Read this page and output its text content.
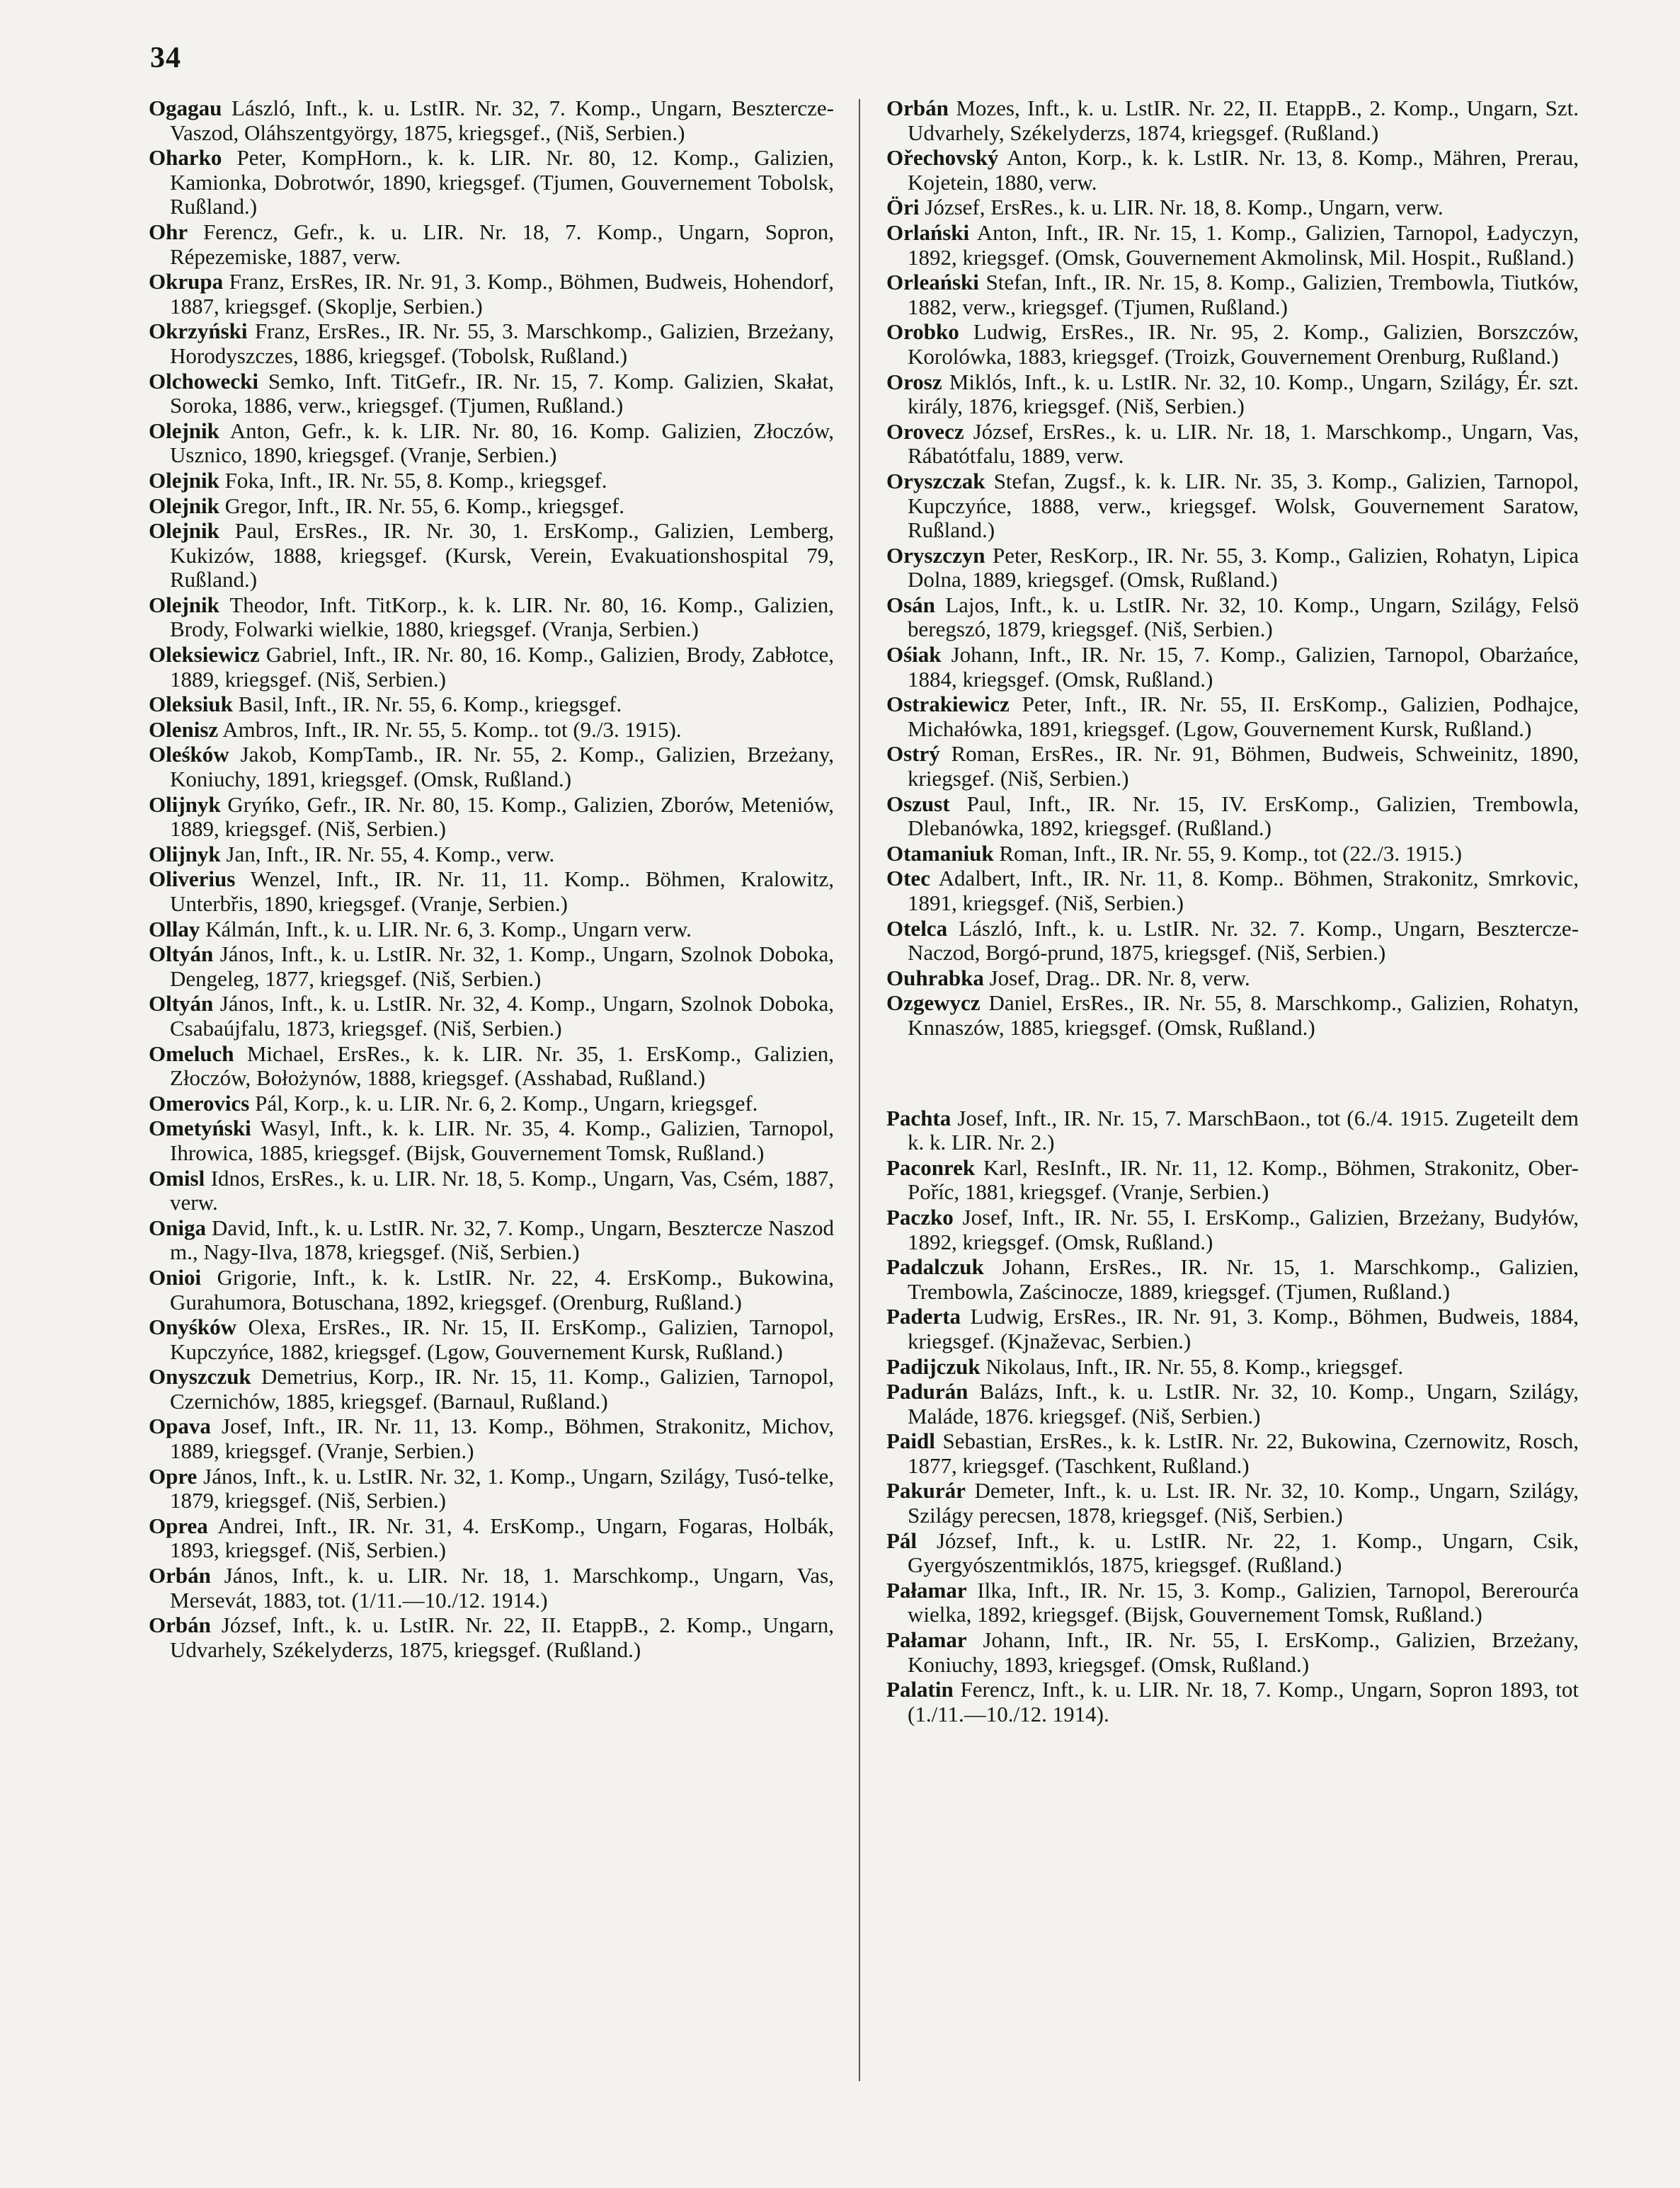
34

Ogagau László, Inft., k. u. LstIR. Nr. 32, 7. Komp., Ungarn, Besztercze-Vaszod, Oláhszentgyörgy, 1875, kriegsgef., (Niš, Serbien.)

Oharko Peter, KompHorn., k. k. LIR. Nr. 80, 12. Komp., Galizien, Kamionka, Dobrotwór, 1890, kriegsgef. (Tjumen, Gouvernement Tobolsk, Rußland.)

Ohr Ferencz, Gefr., k. u. LIR. Nr. 18, 7. Komp., Ungarn, Sopron, Répezemiske, 1887, verw.

Okrupa Franz, ErsRes, IR. Nr. 91, 3. Komp., Böhmen, Budweis, Hohendorf, 1887, kriegsgef. (Skoplje, Serbien.)

Okrzyński Franz, ErsRes., IR. Nr. 55, 3. Marschkomp., Galizien, Brzeżany, Horodyszczes, 1886, kriegsgef. (Tobolsk, Rußland.)

Olchowecki Semko, Inft. TitGefr., IR. Nr. 15, 7. Komp. Galizien, Skałat, Soroka, 1886, verw., kriegsgef. (Tjumen, Rußland.)

Olejnik Anton, Gefr., k. k. LIR. Nr. 80, 16. Komp. Galizien, Złoczów, Usznico, 1890, kriegsgef. (Vranje, Serbien.)

Olejnik Foka, Inft., IR. Nr. 55, 8. Komp., kriegsgef.

Olejnik Gregor, Inft., IR. Nr. 55, 6. Komp., kriegsgef.

Olejnik Paul, ErsRes., IR. Nr. 30, 1. ErsKomp., Galizien, Lemberg, Kukizów, 1888, kriegsgef. (Kursk, Verein, Evakuationshospital 79, Rußland.)

Olejnik Theodor, Inft. TitKorp., k. k. LIR. Nr. 80, 16. Komp., Galizien, Brody, Folwarki wielkie, 1880, kriegsgef. (Vranja, Serbien.)

Oleksiewicz Gabriel, Inft., IR. Nr. 80, 16. Komp., Galizien, Brody, Zabłotce, 1889, kriegsgef. (Niš, Serbien.)

Oleksiuk Basil, Inft., IR. Nr. 55, 6. Komp., kriegsgef.

Olenisz Ambros, Inft., IR. Nr. 55, 5. Komp.. tot (9./3. 1915).

Oleśków Jakob, KompTamb., IR. Nr. 55, 2. Komp., Galizien, Brzeżany, Koniuchy, 1891, kriegsgef. (Omsk, Rußland.)

Olijnyk Gryńko, Gefr., IR. Nr. 80, 15. Komp., Galizien, Zborów, Meteniów, 1889, kriegsgef. (Niš, Serbien.)

Olijnyk Jan, Inft., IR. Nr. 55, 4. Komp., verw.

Oliverius Wenzel, Inft., IR. Nr. 11, 11. Komp.. Böhmen, Kralowitz, Unterbřis, 1890, kriegsgef. (Vranje, Serbien.)

Ollay Kálmán, Inft., k. u. LIR. Nr. 6, 3. Komp., Ungarn verw.

Oltyán János, Inft., k. u. LstIR. Nr. 32, 1. Komp., Ungarn, Szolnok Doboka, Dengeleg, 1877, kriegsgef. (Niš, Serbien.)

Oltyán János, Inft., k. u. LstIR. Nr. 32, 4. Komp., Ungarn, Szolnok Doboka, Csabaújfalu, 1873, kriegsgef. (Niš, Serbien.)

Omeluch Michael, ErsRes., k. k. LIR. Nr. 35, 1. ErsKomp., Galizien, Złoczów, Bołożynów, 1888, kriegsgef. (Asshabad, Rußland.)

Omerovics Pál, Korp., k. u. LIR. Nr. 6, 2. Komp., Ungarn, kriegsgef.

Ometyński Wasyl, Inft., k. k. LIR. Nr. 35, 4. Komp., Galizien, Tarnopol, Ihrowica, 1885, kriegsgef. (Bijsk, Gouvernement Tomsk, Rußland.)

Omisl Idnos, ErsRes., k. u. LIR. Nr. 18, 5. Komp., Ungarn, Vas, Csém, 1887, verw.

Oniga David, Inft., k. u. LstIR. Nr. 32, 7. Komp., Ungarn, Besztercze Naszod m., Nagy-Ilva, 1878, kriegsgef. (Niš, Serbien.)

Onioi Grigorie, Inft., k. k. LstIR. Nr. 22, 4. ErsKomp., Bukowina, Gurahumora, Botuschana, 1892, kriegsgef. (Orenburg, Rußland.)

Onyśków Olexa, ErsRes., IR. Nr. 15, II. ErsKomp., Galizien, Tarnopol, Kupczyńce, 1882, kriegsgef. (Lgow, Gouvernement Kursk, Rußland.)

Onyszczuk Demetrius, Korp., IR. Nr. 15, 11. Komp., Galizien, Tarnopol, Czernichów, 1885, kriegsgef. (Barnaul, Rußland.)

Opava Josef, Inft., IR. Nr. 11, 13. Komp., Böhmen, Strakonitz, Michov, 1889, kriegsgef. (Vranje, Serbien.)

Opre János, Inft., k. u. LstIR. Nr. 32, 1. Komp., Ungarn, Szilágy, Tusó-telke, 1879, kriegsgef. (Niš, Serbien.)

Oprea Andrei, Inft., IR. Nr. 31, 4. ErsKomp., Ungarn, Fogaras, Holbák, 1893, kriegsgef. (Niš, Serbien.)

Orbán János, Inft., k. u. LIR. Nr. 18, 1. Marschkomp., Ungarn, Vas, Mersevát, 1883, tot. (1/11.—10./12. 1914.)

Orbán József, Inft., k. u. LstIR. Nr. 22, II. EtappB., 2. Komp., Ungarn, Udvarhely, Székelyderzs, 1875, kriegsgef. (Rußland.)

Orbán Mozes, Inft., k. u. LstIR. Nr. 22, II. EtappB., 2. Komp., Ungarn, Szt. Udvarhely, Székelyderzs, 1874, kriegsgef. (Rußland.)

Ořechovský Anton, Korp., k. k. LstIR. Nr. 13, 8. Komp., Mähren, Prerau, Kojetein, 1880, verw.

Öri József, ErsRes., k. u. LIR. Nr. 18, 8. Komp., Ungarn, verw.

Orlański Anton, Inft., IR. Nr. 15, 1. Komp., Galizien, Tarnopol, Ładyczyn, 1892, kriegsgef. (Omsk, Gouvernement Akmolinsk, Mil. Hospit., Rußland.)

Orleański Stefan, Inft., IR. Nr. 15, 8. Komp., Galizien, Trembowla, Tiutków, 1882, verw., kriegsgef. (Tjumen, Rußland.)

Orobko Ludwig, ErsRes., IR. Nr. 95, 2. Komp., Galizien, Borszczów, Korolówka, 1883, kriegsgef. (Troizk, Gouvernement Orenburg, Rußland.)

Orosz Miklós, Inft., k. u. LstIR. Nr. 32, 10. Komp., Ungarn, Szilágy, Ér. szt. király, 1876, kriegsgef. (Niš, Serbien.)

Orovecz József, ErsRes., k. u. LIR. Nr. 18, 1. Marschkomp., Ungarn, Vas, Rábatótfalu, 1889, verw.

Oryszczak Stefan, Zugsf., k. k. LIR. Nr. 35, 3. Komp., Galizien, Tarnopol, Kupczyńce, 1888, verw., kriegsgef. Wolsk, Gouvernement Saratow, Rußland.)

Oryszczyn Peter, ResKorp., IR. Nr. 55, 3. Komp., Galizien, Rohatyn, Lipica Dolna, 1889, kriegsgef. (Omsk, Rußland.)

Osán Lajos, Inft., k. u. LstIR. Nr. 32, 10. Komp., Ungarn, Szilágy, Felsö beregszó, 1879, kriegsgef. (Niš, Serbien.)

Ośiak Johann, Inft., IR. Nr. 15, 7. Komp., Galizien, Tarnopol, Obarżańce, 1884, kriegsgef. (Omsk, Rußland.)

Ostrakiewicz Peter, Inft., IR. Nr. 55, II. ErsKomp., Galizien, Podhajce, Michałówka, 1891, kriegsgef. (Lgow, Gouvernement Kursk, Rußland.)

Ostrý Roman, ErsRes., IR. Nr. 91, Böhmen, Budweis, Schweinitz, 1890, kriegsgef. (Niš, Serbien.)

Oszust Paul, Inft., IR. Nr. 15, IV. ErsKomp., Galizien, Trembowla, Dlebanówka, 1892, kriegsgef. (Rußland.)

Otamaniuk Roman, Inft., IR. Nr. 55, 9. Komp., tot (22./3. 1915.)

Otec Adalbert, Inft., IR. Nr. 11, 8. Komp.. Böhmen, Strakonitz, Smrkovic, 1891, kriegsgef. (Niš, Serbien.)

Otelca László, Inft., k. u. LstIR. Nr. 32. 7. Komp., Ungarn, Besztercze-Naczod, Borgó-prund, 1875, kriegsgef. (Niš, Serbien.)

Ouhrabka Josef, Drag.. DR. Nr. 8, verw.

Ozgewycz Daniel, ErsRes., IR. Nr. 55, 8. Marschkomp., Galizien, Rohatyn, Knnaszów, 1885, kriegsgef. (Omsk, Rußland.)

Pachta Josef, Inft., IR. Nr. 15, 7. MarschBaon., tot (6./4. 1915. Zugeteilt dem k. k. LIR. Nr. 2.)

Paconrek Karl, ResInft., IR. Nr. 11, 12. Komp., Böhmen, Strakonitz, Ober-Poříc, 1881, kriegsgef. (Vranje, Serbien.)

Paczko Josef, Inft., IR. Nr. 55, I. ErsKomp., Galizien, Brzeżany, Budyłów, 1892, kriegsgef. (Omsk, Rußland.)

Padalczuk Johann, ErsRes., IR. Nr. 15, 1. Marschkomp., Galizien, Trembowla, Zaścinocze, 1889, kriegsgef. (Tjumen, Rußland.)

Paderta Ludwig, ErsRes., IR. Nr. 91, 3. Komp., Böhmen, Budweis, 1884, kriegsgef. (Kjnaževac, Serbien.)

Padijczuk Nikolaus, Inft., IR. Nr. 55, 8. Komp., kriegsgef.

Padurán Balázs, Inft., k. u. LstIR. Nr. 32, 10. Komp., Ungarn, Szilágy, Maláde, 1876. kriegsgef. (Niš, Serbien.)

Paidl Sebastian, ErsRes., k. k. LstIR. Nr. 22, Bukowina, Czernowitz, Rosch, 1877, kriegsgef. (Taschkent, Rußland.)

Pakurár Demeter, Inft., k. u. Lst. IR. Nr. 32, 10. Komp., Ungarn, Szilágy, Szilágy perecsen, 1878, kriegsgef. (Niš, Serbien.)

Pál József, Inft., k. u. LstIR. Nr. 22, 1. Komp., Ungarn, Csik, Gyergyószentmiklós, 1875, kriegsgef. (Rußland.)

Pałamar Ilka, Inft., IR. Nr. 15, 3. Komp., Galizien, Tarnopol, Bererourća wielka, 1892, kriegsgef. (Bijsk, Gouvernement Tomsk, Rußland.)

Pałamar Johann, Inft., IR. Nr. 55, I. ErsKomp., Galizien, Brzeżany, Koniuchy, 1893, kriegsgef. (Omsk, Rußland.)

Palatin Ferencz, Inft., k. u. LIR. Nr. 18, 7. Komp., Ungarn, Sopron 1893, tot (1./11.—10./12. 1914).
